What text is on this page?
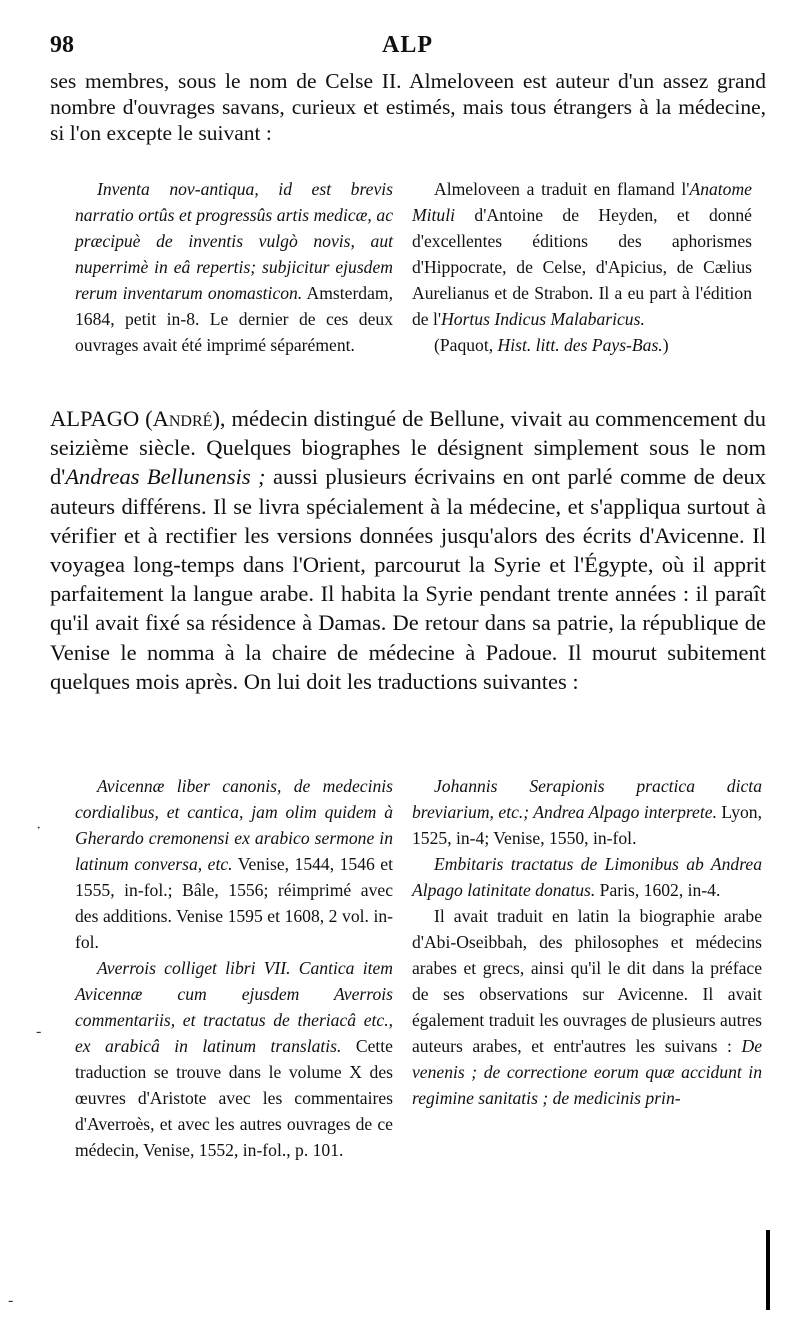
98	ALP

ses membres, sous le nom de Celse II. Almeloveen est auteur d'un assez grand nombre d'ouvrages savans, curieux et estimés, mais tous étrangers à la médecine, si l'on excepte le suivant :

Inventa nov-antiqua, id est brevis narratio ortûs et progressûs artis medicæ, ac præcipuè de inventis vulgò novis, aut nuperrimè in eâ repertis; subjicitur ejusdem rerum inventarum onomasticon. Amsterdam, 1684, petit in-8. Le dernier de ces deux ouvrages avait été imprimé séparément.

Almeloveen a traduit en flamand l'Anatome Mituli d'Antoine de Heyden, et donné d'excellentes éditions des aphorismes d'Hippocrate, de Celse, d'Apicius, de Cælius Aurelianus et de Strabon. Il a eu part à l'édition de l'Hortus Indicus Malabaricus.

(Paquot, Hist. litt. des Pays-Bas.)

ALPAGO (André), médecin distingué de Bellune, vivait au commencement du seizième siècle. Quelques biographes le désignent simplement sous le nom d'Andreas Bellunensis ; aussi plusieurs écrivains en ont parlé comme de deux auteurs différens. Il se livra spécialement à la médecine, et s'appliqua surtout à vérifier et à rectifier les versions données jusqu'alors des écrits d'Avicenne. Il voyagea long-temps dans l'Orient, parcourut la Syrie et l'Égypte, où il apprit parfaitement la langue arabe. Il habita la Syrie pendant trente années : il paraît qu'il avait fixé sa résidence à Damas. De retour dans sa patrie, la république de Venise le nomma à la chaire de médecine à Padoue. Il mourut subitement quelques mois après. On lui doit les traductions suivantes :

Avicennæ liber canonis, de medecinis cordialibus, et cantica, jam olim quidem à Gherardo cremonensi ex arabico sermone in latinum conversa, etc. Venise, 1544, 1546 et 1555, in-fol.; Bâle, 1556; réimprimé avec des additions. Venise 1595 et 1608, 2 vol. in-fol.

Averrois colliget libri VII. Cantica item Avicennæ cum ejusdem Averrois commentariis, et tractatus de theriacâ etc., ex arabicâ in latinum translatis. Cette traduction se trouve dans le volume X des œuvres d'Aristote avec les commentaires d'Averroès, et avec les autres ouvrages de ce médecin, Venise, 1552, in-fol., p. 101.

Johannis Serapionis practica dicta breviarium, etc.; Andrea Alpago interprete. Lyon, 1525, in-4; Venise, 1550, in-fol.

Embitaris tractatus de Limonibus ab Andrea Alpago latinitate donatus. Paris, 1602, in-4.

Il avait traduit en latin la biographie arabe d'Abi-Oseibbah, des philosophes et médecins arabes et grecs, ainsi qu'il le dit dans la préface de ses observations sur Avicenne. Il avait également traduit les ouvrages de plusieurs autres auteurs arabes, et entr'autres les suivans : De venenis ; de correctione eorum quæ accidunt in regimine sanitatis ; de medicinis prin-

·
-
-
